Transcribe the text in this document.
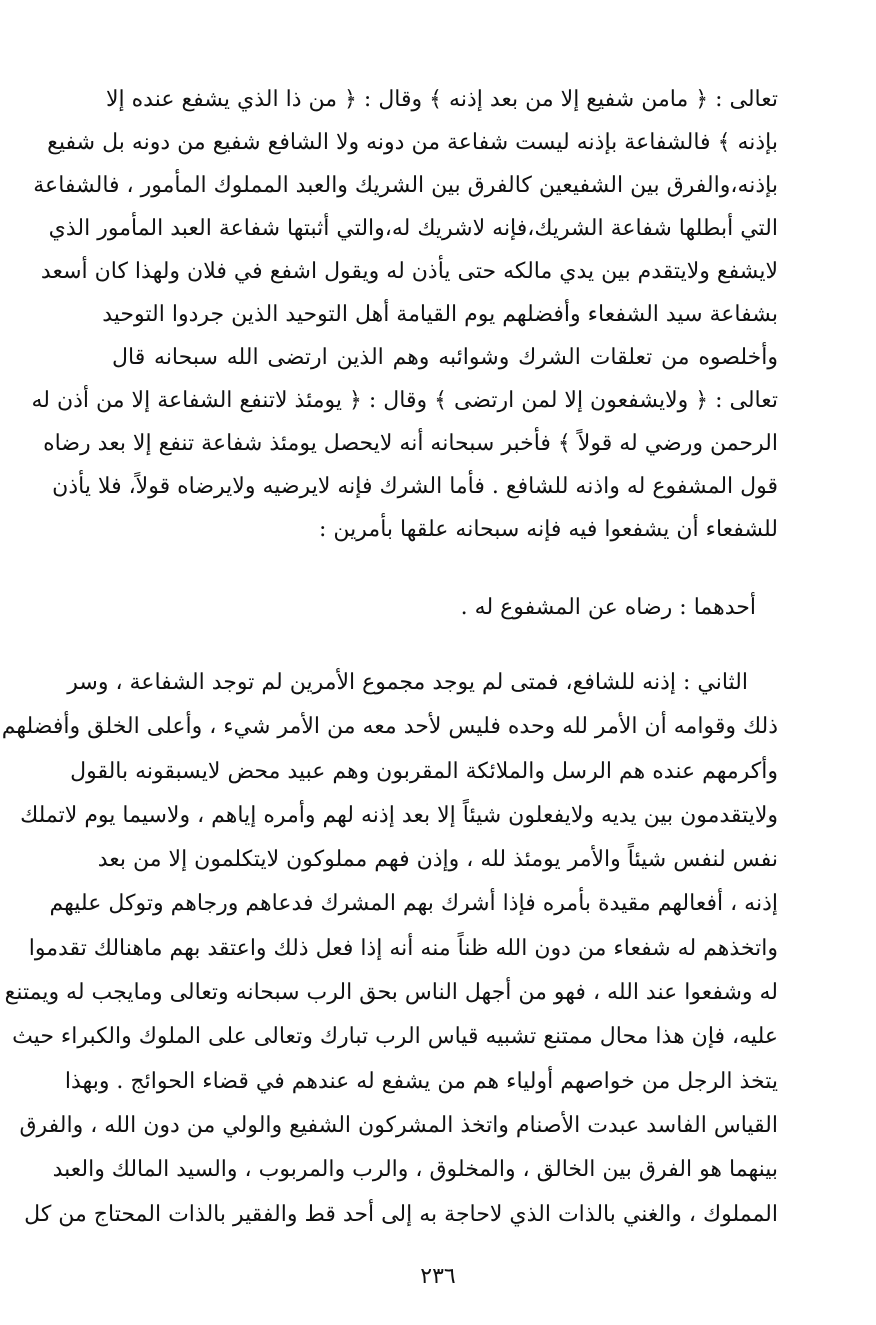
تعالى : ﴿ مامن شفيع إلا من بعد إذنه ﴾ وقال : ﴿ من ذا الذي يشفع عنده إلا
بإذنه ﴾ فالشفاعة بإذنه ليست شفاعة من دونه ولا الشافع شفيع من دونه بل شفيع
بإذنه،والفرق بين الشفيعين كالفرق بين الشريك والعبد المملوك المأمور ، فالشفاعة
التي أبطلها شفاعة الشريك،فإنه لاشريك له،والتي أثبتها شفاعة العبد المأمور الذي
لايشفع ولايتقدم بين يدي مالكه حتى يأذن له ويقول اشفع في فلان ولهذا كان أسعد
بشفاعة سيد الشفعاء وأفضلهم يوم القيامة أهل التوحيد الذين جردوا التوحيد
وأخلصوه من تعلقات الشرك وشوائبه وهم الذين ارتضى الله سبحانه قال
تعالى : ﴿ ولايشفعون إلا لمن ارتضى ﴾ وقال : ﴿ يومئذ لاتنفع الشفاعة إلا من أذن له
الرحمن ورضي له قولاً ﴾ فأخبر سبحانه أنه لايحصل يومئذ شفاعة تنفع إلا بعد رضاه
قول المشفوع له واذنه للشافع . فأما الشرك فإنه لايرضيه ولايرضاه قولاً، فلا يأذن
للشفعاء أن يشفعوا فيه فإنه سبحانه علقها بأمرين :

أحدهما : رضاه عن المشفوع له .

الثاني : إذنه للشافع، فمتى لم يوجد مجموع الأمرين لم توجد الشفاعة ، وسر
ذلك وقوامه أن الأمر لله وحده فليس لأحد معه من الأمر شيء ، وأعلى الخلق وأفضلهم
وأكرمهم عنده هم الرسل والملائكة المقربون وهم عبيد محض لايسبقونه بالقول
ولايتقدمون بين يديه ولايفعلون شيئاً إلا بعد إذنه لهم وأمره إياهم ، ولاسيما يوم لاتملك
نفس لنفس شيئاً والأمر يومئذ لله ، وإذن فهم مملوكون لايتكلمون إلا من بعد
إذنه ، أفعالهم مقيدة بأمره فإذا أشرك بهم المشرك فدعاهم ورجاهم وتوكل عليهم
واتخذهم له شفعاء من دون الله ظناً منه أنه إذا فعل ذلك واعتقد بهم ماهنالك تقدموا
له وشفعوا عند الله ، فهو من أجهل الناس بحق الرب سبحانه وتعالى ومايجب له ويمتنع
عليه، فإن هذا محال ممتنع تشبيه قياس الرب تبارك وتعالى على الملوك والكبراء حيث
يتخذ الرجل من خواصهم أولياء هم من يشفع له عندهم في قضاء الحوائج . وبهذا
القياس الفاسد عبدت الأصنام واتخذ المشركون الشفيع والولي من دون الله ، والفرق
بينهما هو الفرق بين الخالق ، والمخلوق ، والرب والمربوب ، والسيد المالك والعبد
المملوك ، والغني بالذات الذي لاحاجة به إلى أحد قط والفقير بالذات المحتاج من كل

٢٣٦
